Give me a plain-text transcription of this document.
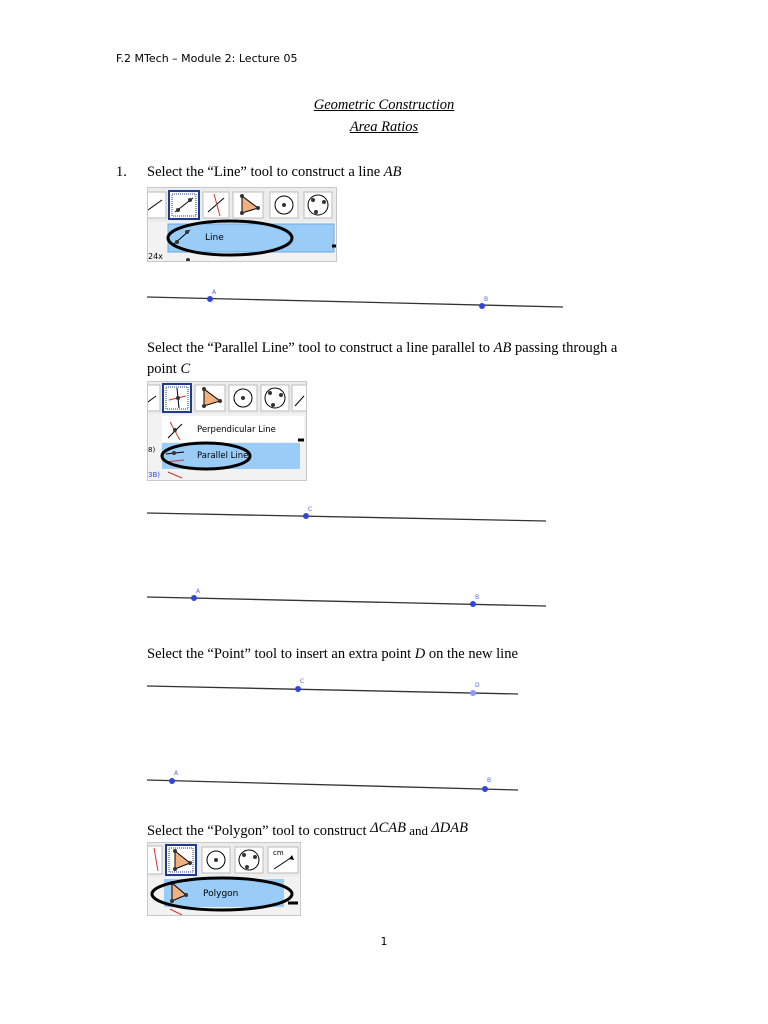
F.2 MTech – Module 2: Lecture 05
Geometric Construction
Area Ratios
1. Select the “Line” tool to construct a line AB
Line
24x
A
B
Select the “Parallel Line” tool to construct a line parallel to AB passing through a
point C
Perpendicular Line
Parallel Line
8)
3B)
C
A
B
Select the “Point” tool to insert an extra point D on the new line
C
D
A
B
Select the “Polygon” tool to construct ΔCAB and ΔDAB
Polygon
cm
1
